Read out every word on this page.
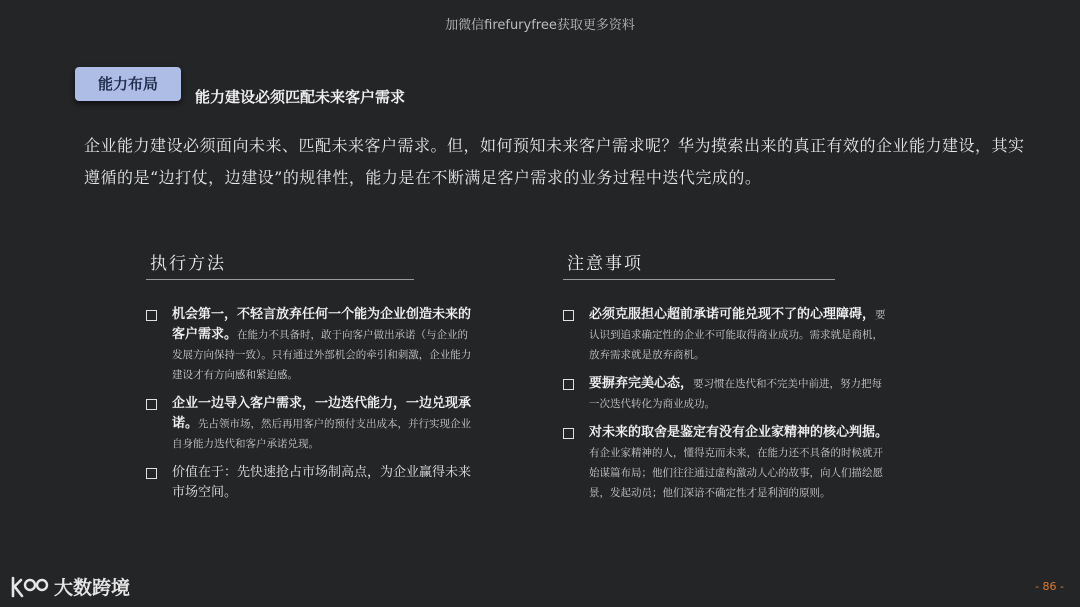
加微信firefuryfree获取更多资料
能力布局
能力建设必须匹配未来客户需求
企业能力建设必须面向未来、匹配未来客户需求。但，如何预知未来客户需求呢？华为摸索出来的真正有效的企业能力建设，其实遵循的是“边打仗，边建设”的规律性，能力是在不断满足客户需求的业务过程中迭代完成的。
执行方法
机会第一，不轻言放弃任何一个能为企业创造未来的客户需求。在能力不具备时，敢于向客户做出承诺（与企业的发展方向保持一致）。只有通过外部机会的牵引和刺激，企业能力建设才有方向感和紧迫感。
企业一边导入客户需求，一边迭代能力，一边兑现承诺。先占领市场，然后再用客户的预付支出成本，并行实现企业自身能力迭代和客户承诺兑现。
价值在于：先快速抢占市场制高点，为企业赢得未来市场空间。
注意事项
必须克服担心超前承诺可能兑现不了的心理障碍，要认识到追求确定性的企业不可能取得商业成功。需求就是商机，放弃需求就是放弃商机。
要摒弃完美心态，要习惯在迭代和不完美中前进，努力把每一次迭代转化为商业成功。
对未来的取舍是鉴定有没有企业家精神的核心判据。有企业家精神的人，懂得克而未来，在能力还不具备的时候就开始谋篇布局；他们往往通过虚构激动人心的故事，向人们描绘愿景，发起动员；他们深谙不确定性才是利润的原则。
大数跨境	- 86 -
